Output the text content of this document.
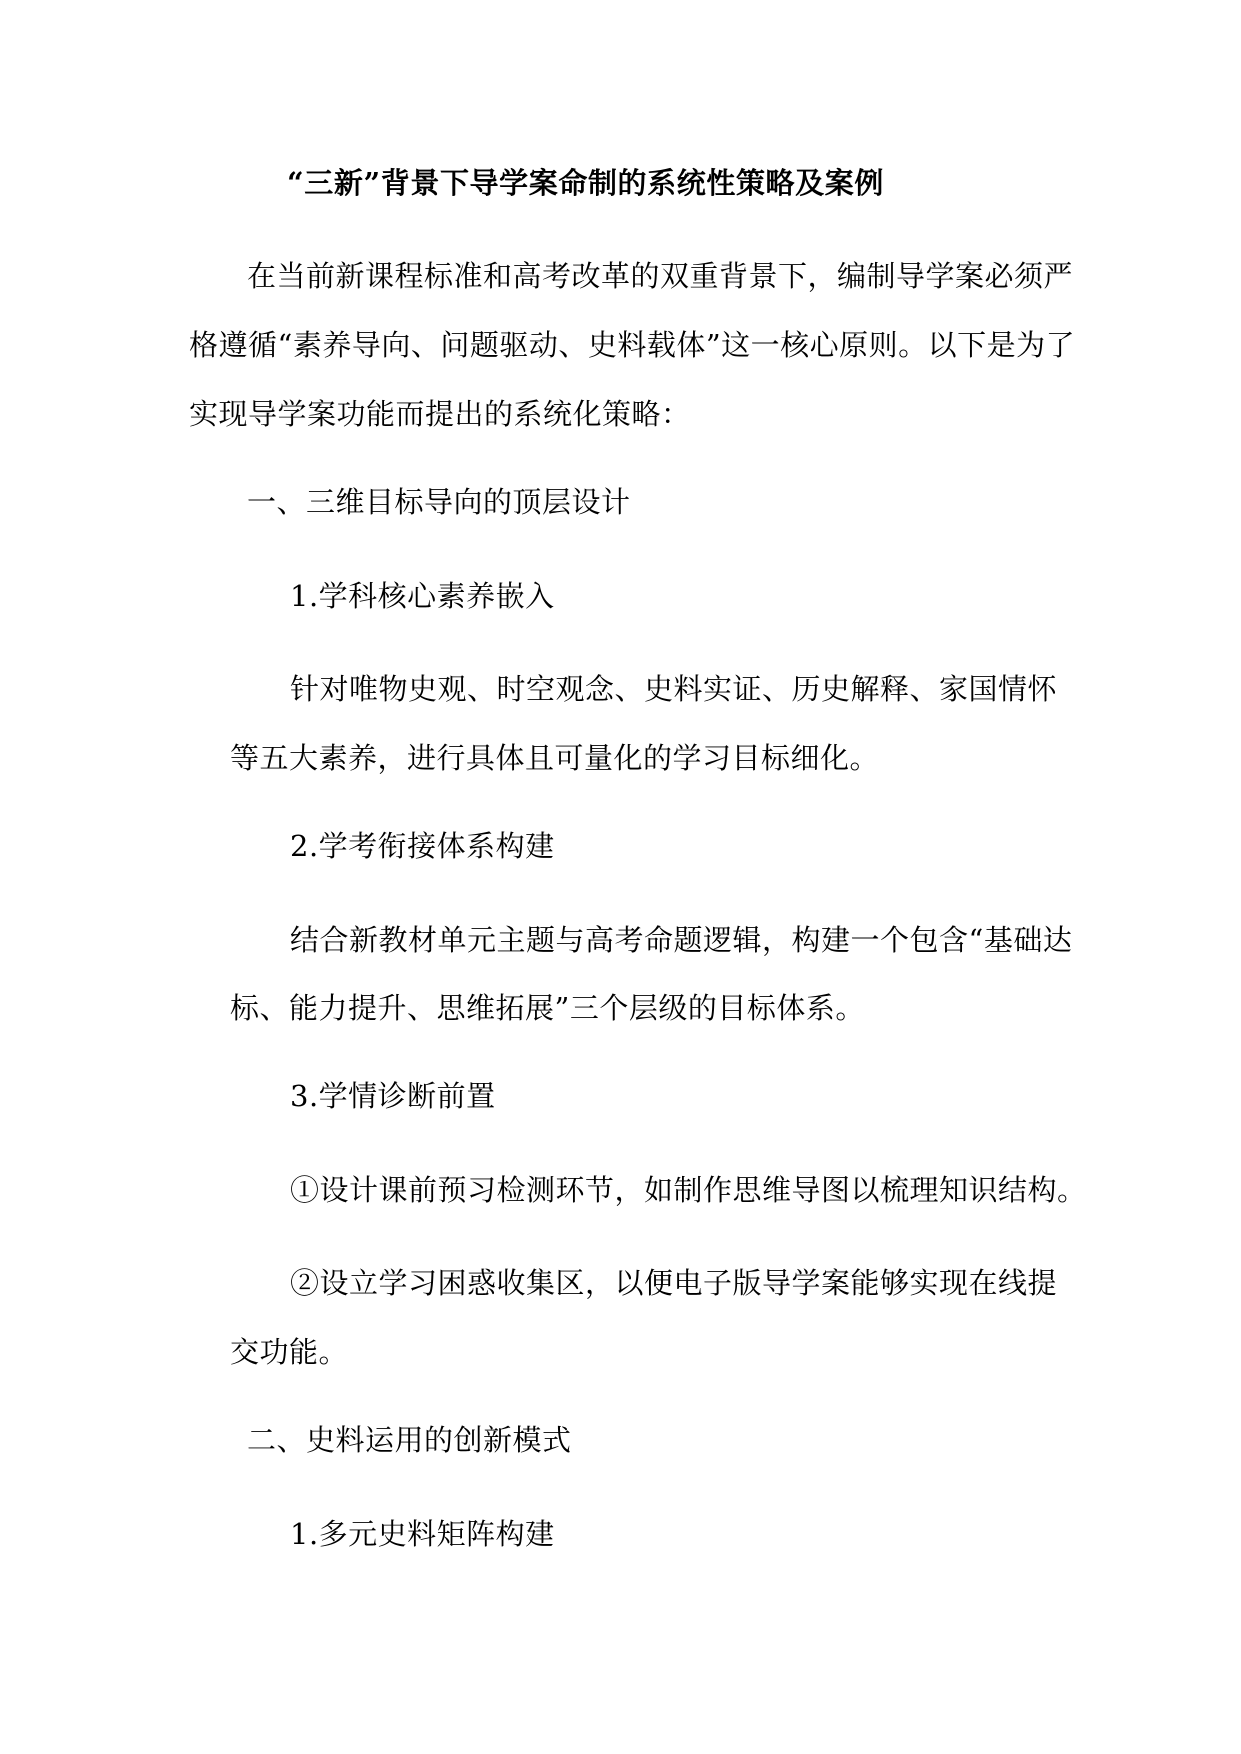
“三新”背景下导学案命制的系统性策略及案例
在当前新课程标准和高考改革的双重背景下，编制导学案必须严
格遵循“素养导向、问题驱动、史料载体”这一核心原则。以下是为了
实现导学案功能而提出的系统化策略：
一、三维目标导向的顶层设计
1.学科核心素养嵌入
针对唯物史观、时空观念、史料实证、历史解释、家国情怀
等五大素养，进行具体且可量化的学习目标细化。
2.学考衔接体系构建
结合新教材单元主题与高考命题逻辑，构建一个包含“基础达
标、能力提升、思维拓展”三个层级的目标体系。
3.学情诊断前置
①设计课前预习检测环节，如制作思维导图以梳理知识结构。
②设立学习困惑收集区，以便电子版导学案能够实现在线提
交功能。
二、史料运用的创新模式
1.多元史料矩阵构建
